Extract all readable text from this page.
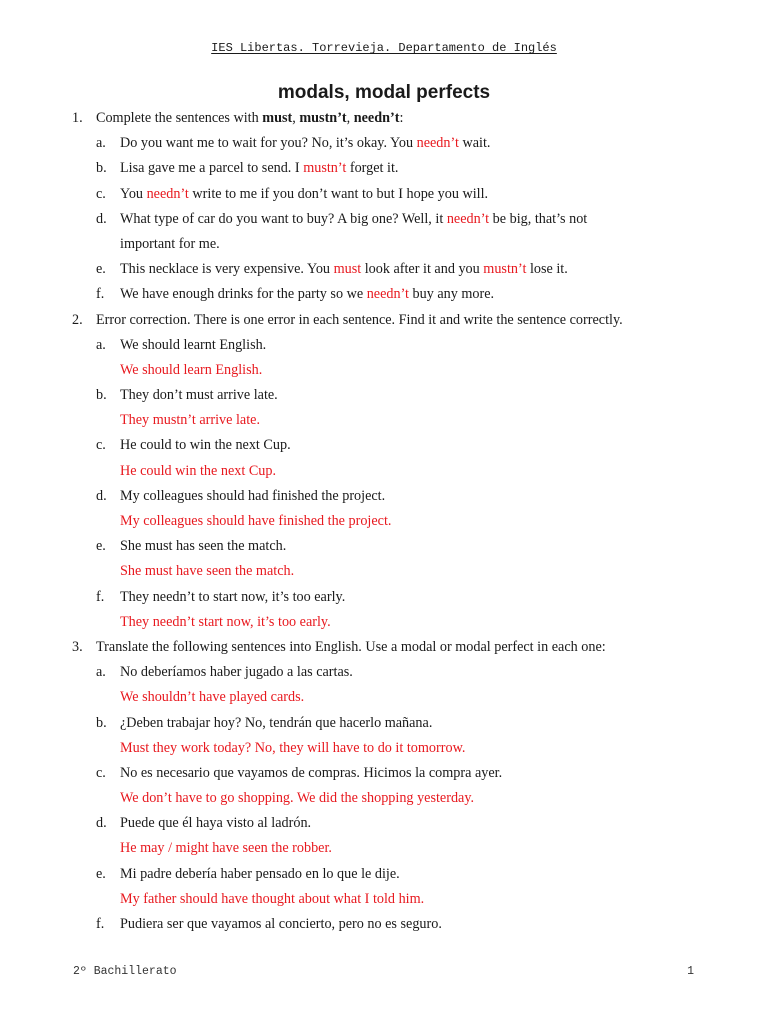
IES Libertas. Torrevieja. Departamento de Inglés
modals, modal perfects
1. Complete the sentences with must, mustn’t, needn’t:
a. Do you want me to wait for you? No, it’s okay. You needn’t wait.
b. Lisa gave me a parcel to send. I mustn’t forget it.
c. You needn’t write to me if you don’t want to but I hope you will.
d. What type of car do you want to buy? A big one? Well, it needn’t be big, that’s not
important for me.
e. This necklace is very expensive. You must look after it and you mustn’t lose it.
f. We have enough drinks for the party so we needn’t buy any more.
2. Error correction. There is one error in each sentence. Find it and write the sentence correctly.
a. We should learnt English.
We should learn English.
b. They don’t must arrive late.
They mustn’t arrive late.
c. He could to win the next Cup.
He could win the next Cup.
d. My colleagues should had finished the project.
My colleagues should have finished the project.
e. She must has seen the match.
She must have seen the match.
f. They needn’t to start now, it’s too early.
They needn’t start now, it’s too early.
3. Translate the following sentences into English. Use a modal or modal perfect in each one:
a. No deberíamos haber jugado a las cartas.
We shouldn’t have played cards.
b. ¿Deben trabajar hoy? No, tendrán que hacerlo mañana.
Must they work today? No, they will have to do it tomorrow.
c. No es necesario que vayamos de compras. Hicimos la compra ayer.
We don’t have to go shopping. We did the shopping yesterday.
d. Puede que él haya visto al ladrón.
He may / might have seen the robber.
e. Mi padre debería haber pensado en lo que le dije.
My father should have thought about what I told him.
f. Pudiera ser que vayamos al concierto, pero no es seguro.
2º Bachillerato	1
